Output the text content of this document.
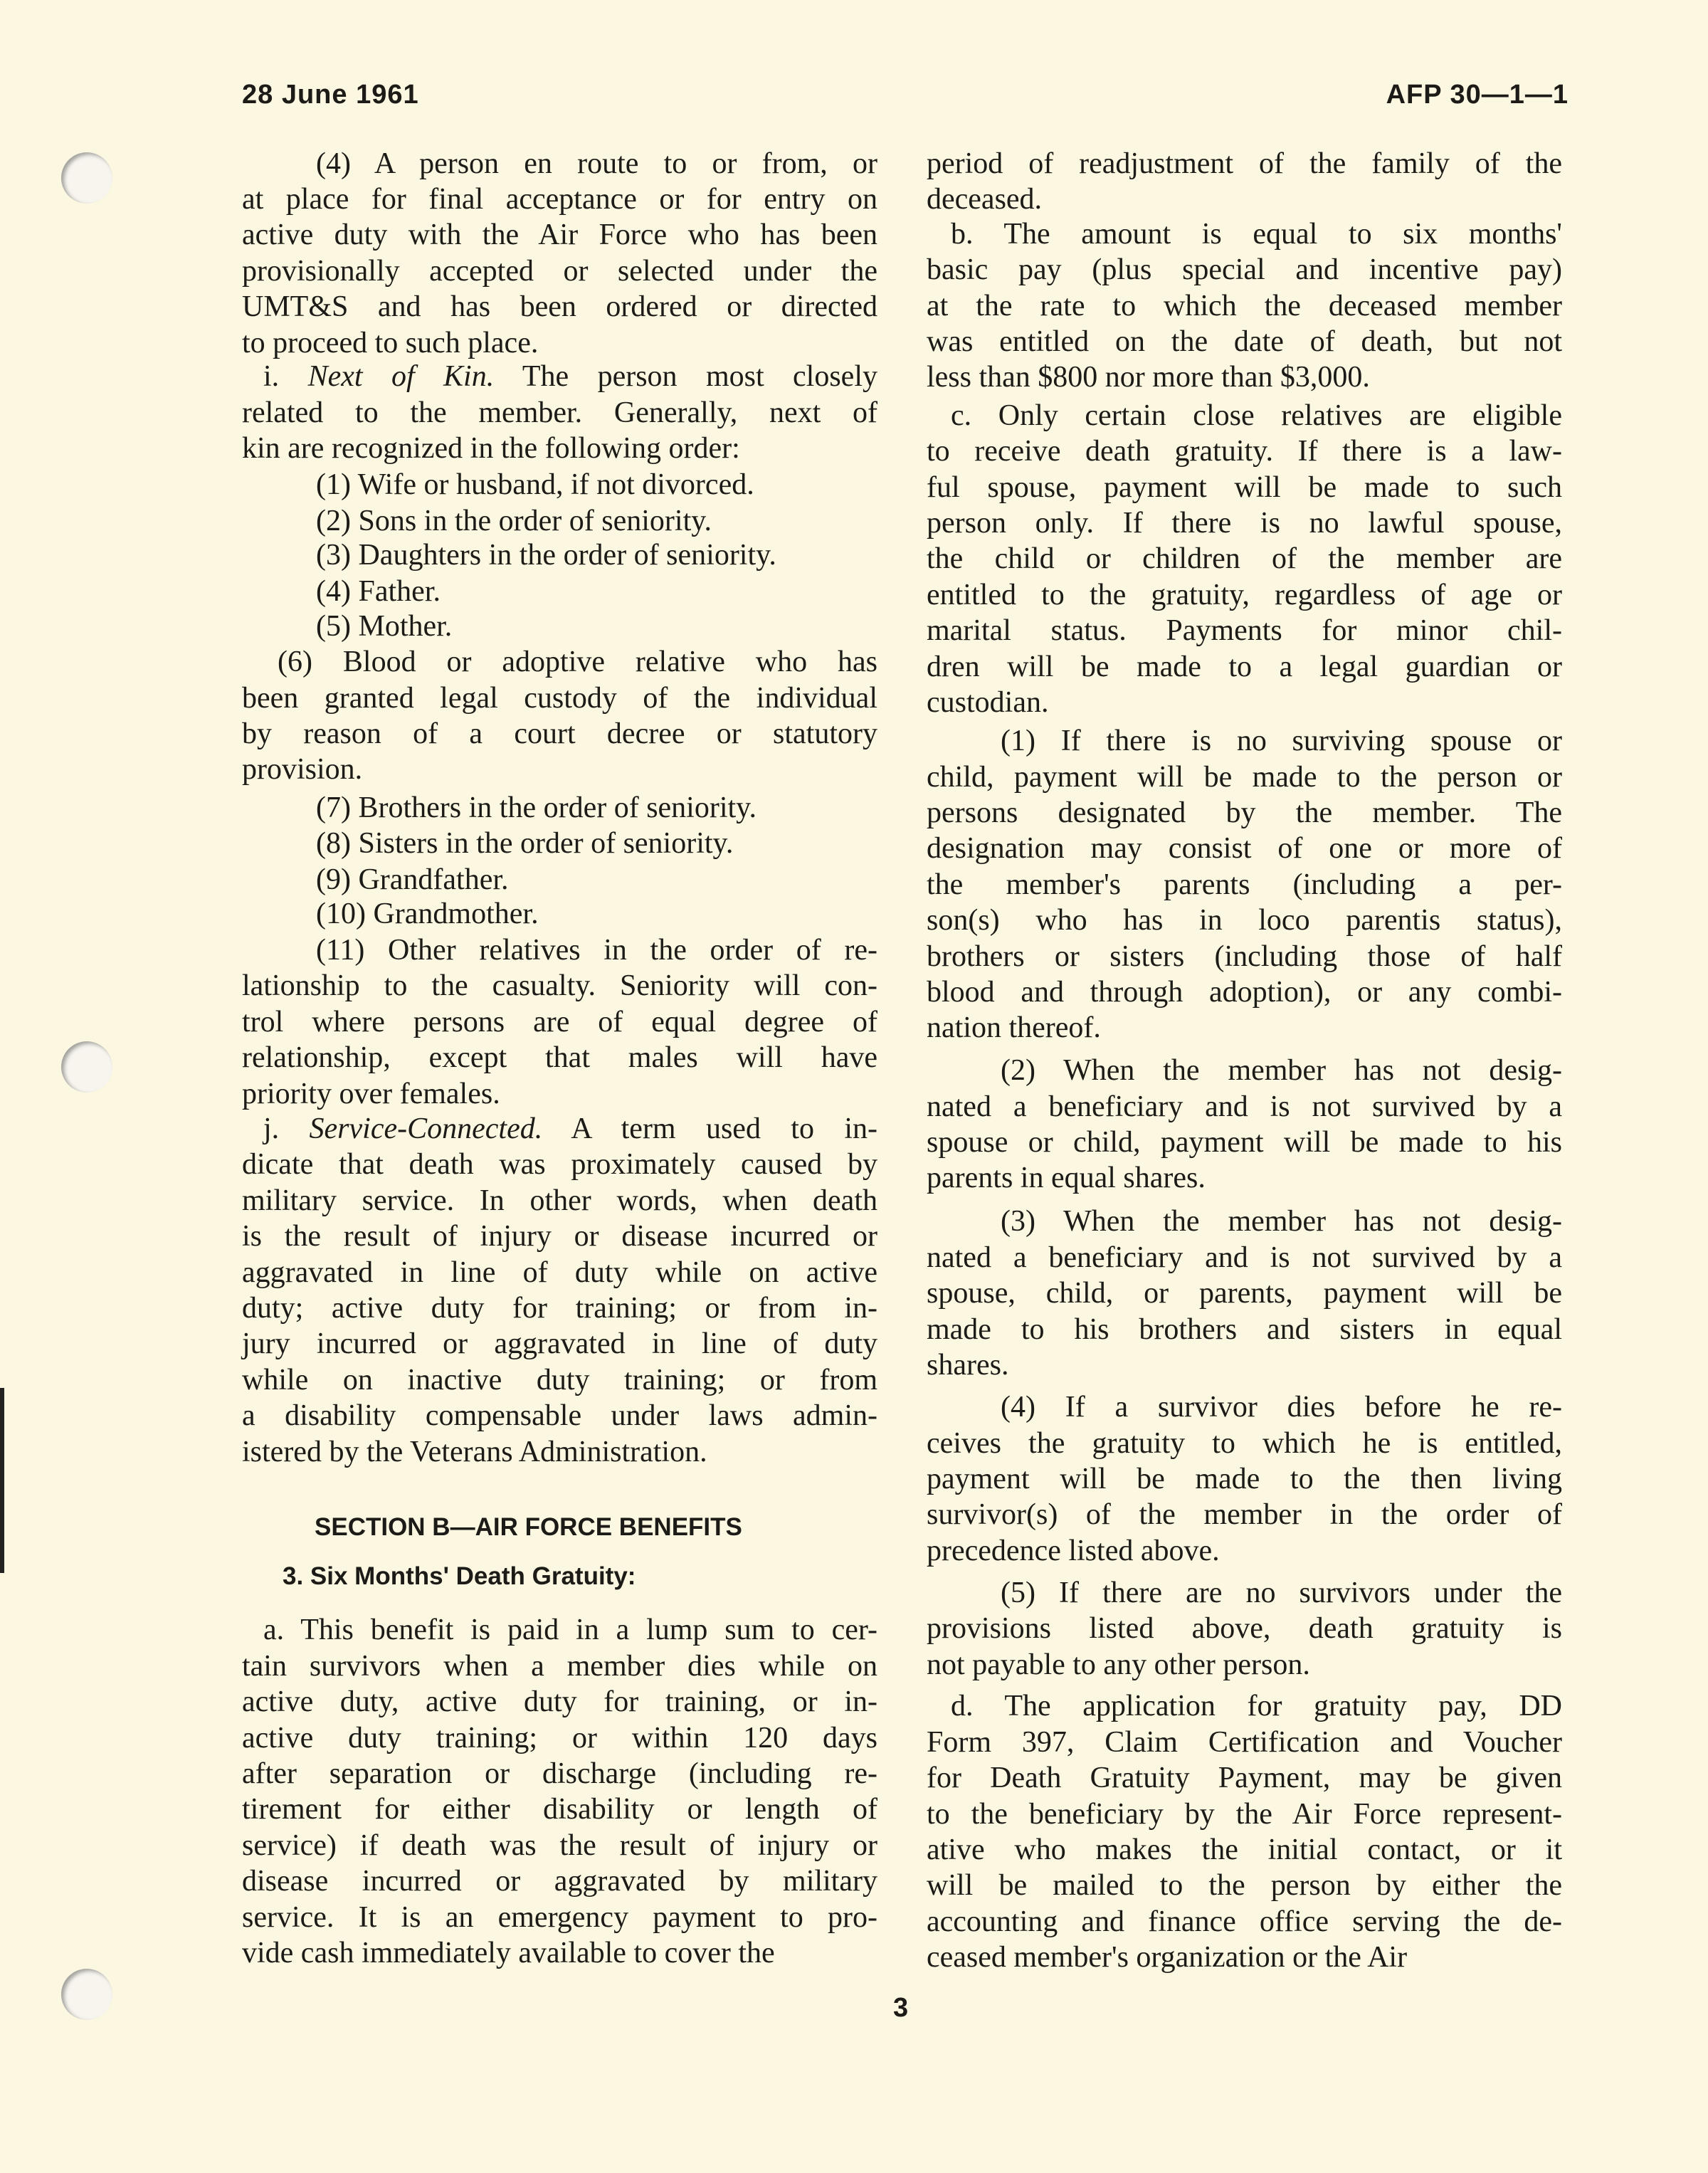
28 June 1961	AFP 30—1—1
(4) A person en route to or from, or
at place for final acceptance or for entry on
active duty with the Air Force who has been
provisionally accepted or selected under the
UMT&S and has been ordered or directed
to proceed to such place.
i. Next of Kin. The person most closely
related to the member. Generally, next of
kin are recognized in the following order:
(1) Wife or husband, if not divorced.
(2) Sons in the order of seniority.
(3) Daughters in the order of seniority.
(4) Father.
(5) Mother.
(6) Blood or adoptive relative who has
been granted legal custody of the individual
by reason of a court decree or statutory
provision.
(7) Brothers in the order of seniority.
(8) Sisters in the order of seniority.
(9) Grandfather.
(10) Grandmother.
(11) Other relatives in the order of re-
lationship to the casualty. Seniority will con-
trol where persons are of equal degree of
relationship, except that males will have
priority over females.
j. Service-Connected. A term used to in-
dicate that death was proximately caused by
military service. In other words, when death
is the result of injury or disease incurred or
aggravated in line of duty while on active
duty; active duty for training; or from in-
jury incurred or aggravated in line of duty
while on inactive duty training; or from
a disability compensable under laws admin-
istered by the Veterans Administration.
a. This benefit is paid in a lump sum to cer-
tain survivors when a member dies while on
active duty, active duty for training, or in-
active duty training; or within 120 days
after separation or discharge (including re-
tirement for either disability or length of
service) if death was the result of injury or
disease incurred or aggravated by military
service. It is an emergency payment to pro-
vide cash immediately available to cover the
period of readjustment of the family of the
deceased.
b. The amount is equal to six months'
basic pay (plus special and incentive pay)
at the rate to which the deceased member
was entitled on the date of death, but not
less than $800 nor more than $3,000.
c. Only certain close relatives are eligible
to receive death gratuity. If there is a law-
ful spouse, payment will be made to such
person only. If there is no lawful spouse,
the child or children of the member are
entitled to the gratuity, regardless of age or
marital status. Payments for minor chil-
dren will be made to a legal guardian or
custodian.
(1) If there is no surviving spouse or
child, payment will be made to the person or
persons designated by the member. The
designation may consist of one or more of
the member's parents (including a per-
son(s) who has in loco parentis status),
brothers or sisters (including those of half
blood and through adoption), or any combi-
nation thereof.
(2) When the member has not desig-
nated a beneficiary and is not survived by a
spouse or child, payment will be made to his
parents in equal shares.
(3) When the member has not desig-
nated a beneficiary and is not survived by a
spouse, child, or parents, payment will be
made to his brothers and sisters in equal
shares.
(4) If a survivor dies before he re-
ceives the gratuity to which he is entitled,
payment will be made to the then living
survivor(s) of the member in the order of
precedence listed above.
(5) If there are no survivors under the
provisions listed above, death gratuity is
not payable to any other person.
d. The application for gratuity pay, DD
Form 397, Claim Certification and Voucher
for Death Gratuity Payment, may be given
to the beneficiary by the Air Force represent-
ative who makes the initial contact, or it
will be mailed to the person by either the
accounting and finance office serving the de-
ceased member's organization or the Air
SECTION B—AIR FORCE BENEFITS
3. Six Months' Death Gratuity:
3
